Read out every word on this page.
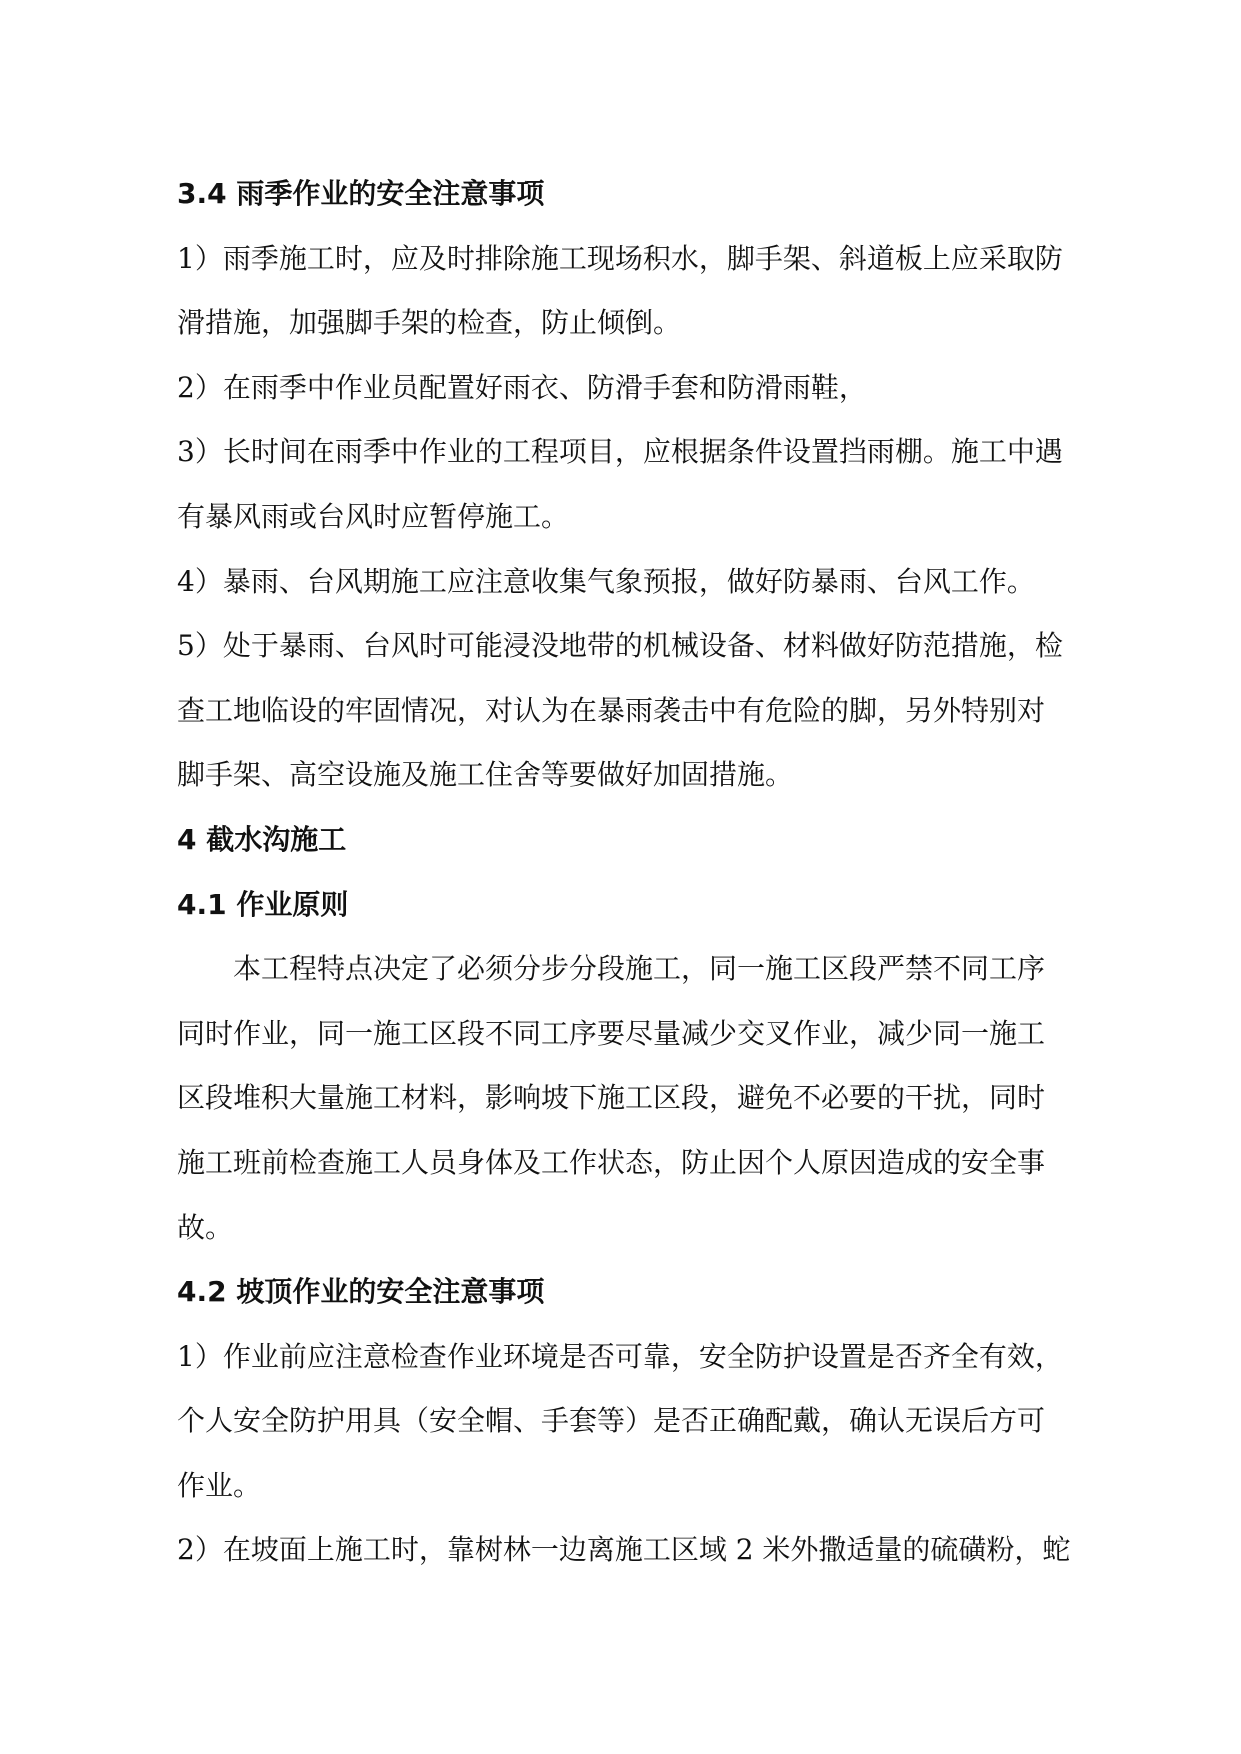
3.4 雨季作业的安全注意事项
1）雨季施工时，应及时排除施工现场积水，脚手架、斜道板上应采取防
滑措施，加强脚手架的检查，防止倾倒。
2）在雨季中作业员配置好雨衣、防滑手套和防滑雨鞋，
3）长时间在雨季中作业的工程项目，应根据条件设置挡雨棚。施工中遇
有暴风雨或台风时应暂停施工。
4）暴雨、台风期施工应注意收集气象预报，做好防暴雨、台风工作。
5）处于暴雨、台风时可能浸没地带的机械设备、材料做好防范措施，检
查工地临设的牢固情况，对认为在暴雨袭击中有危险的脚，另外特别对
脚手架、高空设施及施工住舍等要做好加固措施。
4 截水沟施工
4.1 作业原则
本工程特点决定了必须分步分段施工，同一施工区段严禁不同工序
同时作业，同一施工区段不同工序要尽量减少交叉作业，减少同一施工
区段堆积大量施工材料，影响坡下施工区段，避免不必要的干扰，同时
施工班前检查施工人员身体及工作状态，防止因个人原因造成的安全事
故。
4.2 坡顶作业的安全注意事项
1）作业前应注意检查作业环境是否可靠，安全防护设置是否齐全有效，
个人安全防护用具（安全帽、手套等）是否正确配戴，确认无误后方可
作业。
2）在坡面上施工时，靠树林一边离施工区域 2 米外撒适量的硫磺粉，蛇
